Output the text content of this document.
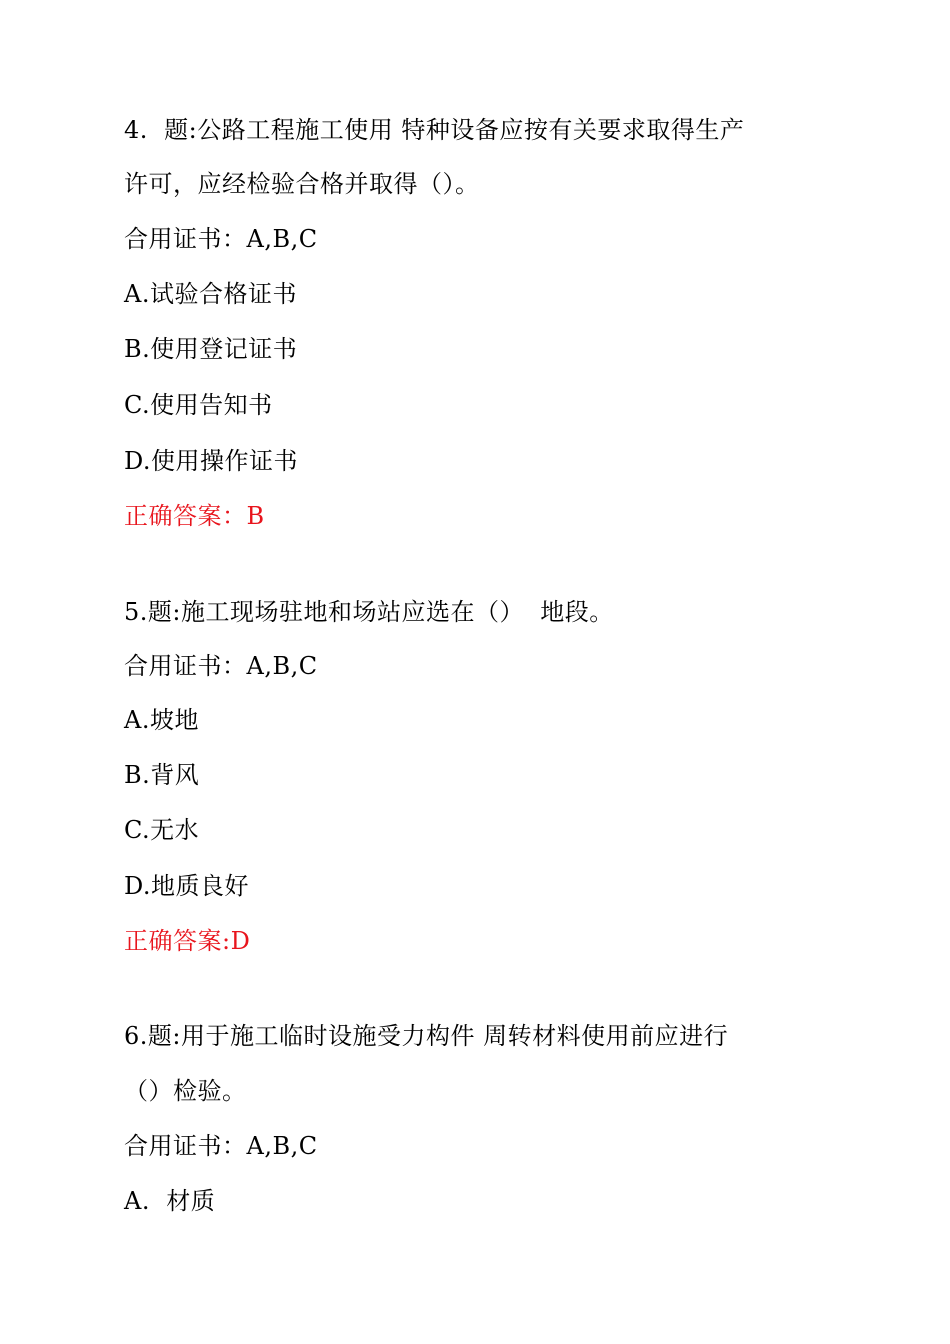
4.  题:公路工程施工使用 特种设备应按有关要求取得生产
许可，应经检验合格并取得（）。
合用证书：A,B,C
A.试验合格证书
B.使用登记证书
C.使用告知书
D.使用操作证书
正确答案：B
5.题:施工现场驻地和场站应选在（）  地段。
合用证书：A,B,C
A.坡地
B.背风
C.无水
D.地质良好
正确答案:D
6.题:用于施工临时设施受力构件 周转材料使用前应进行
（）检验。
合用证书：A,B,C
A.  材质
